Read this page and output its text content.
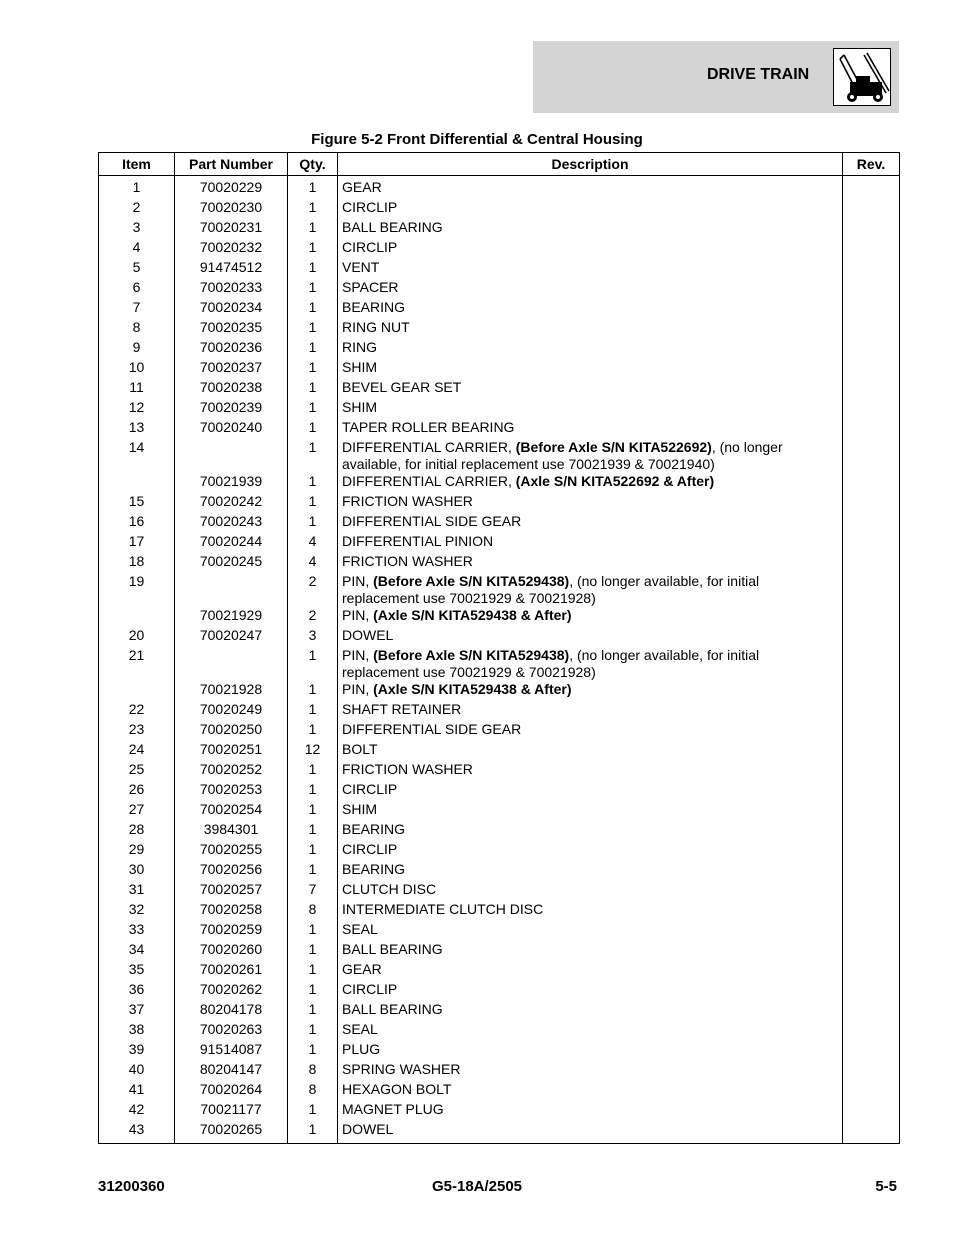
DRIVE TRAIN
Figure 5-2 Front Differential & Central Housing
Item	Part Number	Qty.	Description	Rev.
1	70020229	1	GEAR	
2	70020230	1	CIRCLIP	
3	70020231	1	BALL BEARING	
4	70020232	1	CIRCLIP	
5	91474512	1	VENT	
6	70020233	1	SPACER	
7	70020234	1	BEARING	
8	70020235	1	RING NUT	
9	70020236	1	RING	
10	70020237	1	SHIM	
11	70020238	1	BEVEL GEAR SET	
12	70020239	1	SHIM	
13	70020240	1	TAPER ROLLER BEARING	
14		1	DIFFERENTIAL CARRIER, (Before Axle S/N KITA522692), (no longer available, for initial replacement use 70021939 & 70021940)	
	70021939	1	DIFFERENTIAL CARRIER, (Axle S/N KITA522692 & After)	
15	70020242	1	FRICTION WASHER	
16	70020243	1	DIFFERENTIAL SIDE GEAR	
17	70020244	4	DIFFERENTIAL PINION	
18	70020245	4	FRICTION WASHER	
19		2	PIN, (Before Axle S/N KITA529438), (no longer available, for initial replacement use 70021929 & 70021928)	
	70021929	2	PIN, (Axle S/N KITA529438 & After)	
20	70020247	3	DOWEL	
21		1	PIN, (Before Axle S/N KITA529438), (no longer available, for initial replacement use 70021929 & 70021928)	
	70021928	1	PIN, (Axle S/N KITA529438 & After)	
22	70020249	1	SHAFT RETAINER	
23	70020250	1	DIFFERENTIAL SIDE GEAR	
24	70020251	12	BOLT	
25	70020252	1	FRICTION WASHER	
26	70020253	1	CIRCLIP	
27	70020254	1	SHIM	
28	3984301	1	BEARING	
29	70020255	1	CIRCLIP	
30	70020256	1	BEARING	
31	70020257	7	CLUTCH DISC	
32	70020258	8	INTERMEDIATE CLUTCH DISC	
33	70020259	1	SEAL	
34	70020260	1	BALL BEARING	
35	70020261	1	GEAR	
36	70020262	1	CIRCLIP	
37	80204178	1	BALL BEARING	
38	70020263	1	SEAL	
39	91514087	1	PLUG	
40	80204147	8	SPRING WASHER	
41	70020264	8	HEXAGON BOLT	
42	70021177	1	MAGNET PLUG	
43	70020265	1	DOWEL	
31200360	G5-18A/2505	5-5
